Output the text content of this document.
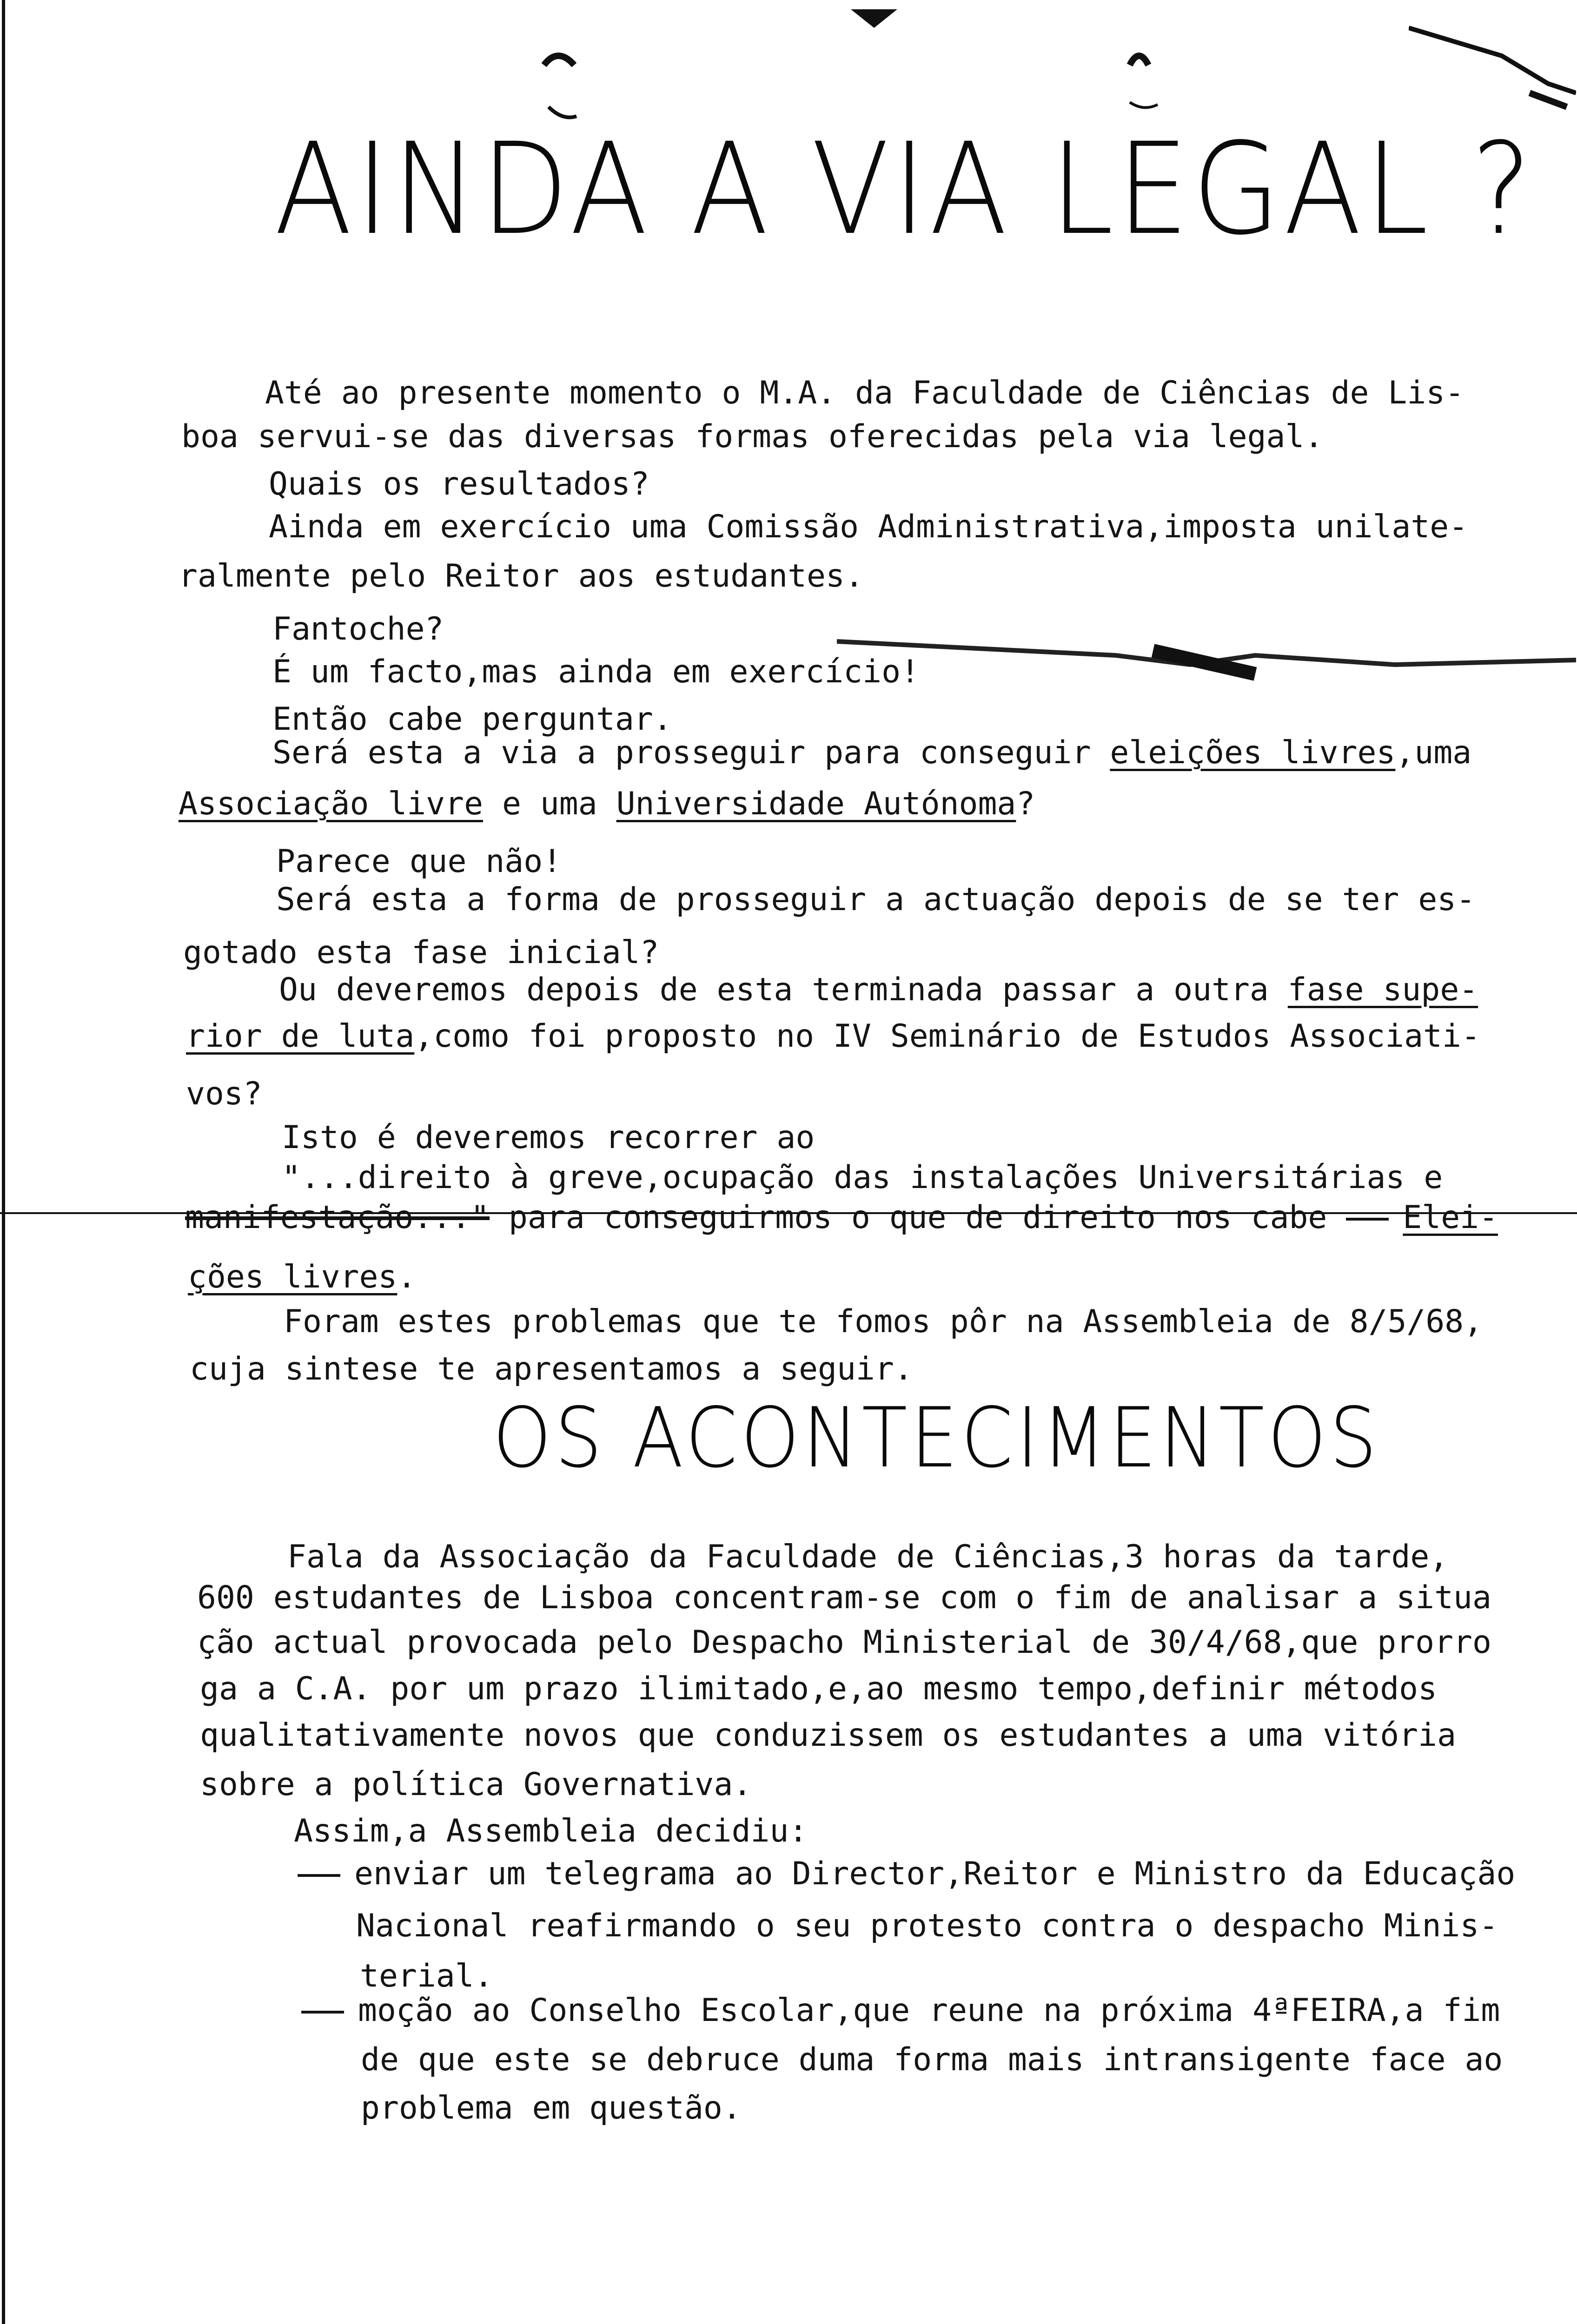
AINDA A VIA LEGAL ?
Até ao presente momento o M.A. da Faculdade de Ciências de Lis-
boa servui-se das diversas formas oferecidas pela via legal.
Quais os resultados?
Ainda em exercício uma Comissão Administrativa,imposta unilate-
ralmente pelo Reitor aos estudantes.
Fantoche?
É um facto,mas ainda em exercício!
Então cabe perguntar.
Será esta a via a prosseguir para conseguir eleições livres,uma
Associação livre e uma Universidade Autónoma?
Parece que não!
Será esta a forma de prosseguir a actuação depois de se ter es-
gotado esta fase inicial?
Ou deveremos depois de esta terminada passar a outra fase supe-
rior de luta,como foi proposto no IV Seminário de Estudos Associati-
vos?
Isto é deveremos recorrer ao
"...direito à greve,ocupação das instalações Universitárias e
manifestação..." para conseguirmos o que de direito nos cabe Elei-
ções livres.
Foram estes problemas que te fomos pôr na Assembleia de 8/5/68,
cuja sintese te apresentamos a seguir.
OS ACONTECIMENTOS
Fala da Associação da Faculdade de Ciências,3 horas da tarde,
600 estudantes de Lisboa concentram-se com o fim de analisar a situa
ção actual provocada pelo Despacho Ministerial de 30/4/68,que prorro
ga a C.A. por um prazo ilimitado,e,ao mesmo tempo,definir métodos
qualitativamente novos que conduzissem os estudantes a uma vitória
sobre a política Governativa.
Assim,a Assembleia decidiu:
enviar um telegrama ao Director,Reitor e Ministro da Educação
Nacional reafirmando o seu protesto contra o despacho Minis-
terial.
moção ao Conselho Escolar,que reune na próxima 4ªFEIRA,a fim
de que este se debruce duma forma mais intransigente face ao
problema em questão.
